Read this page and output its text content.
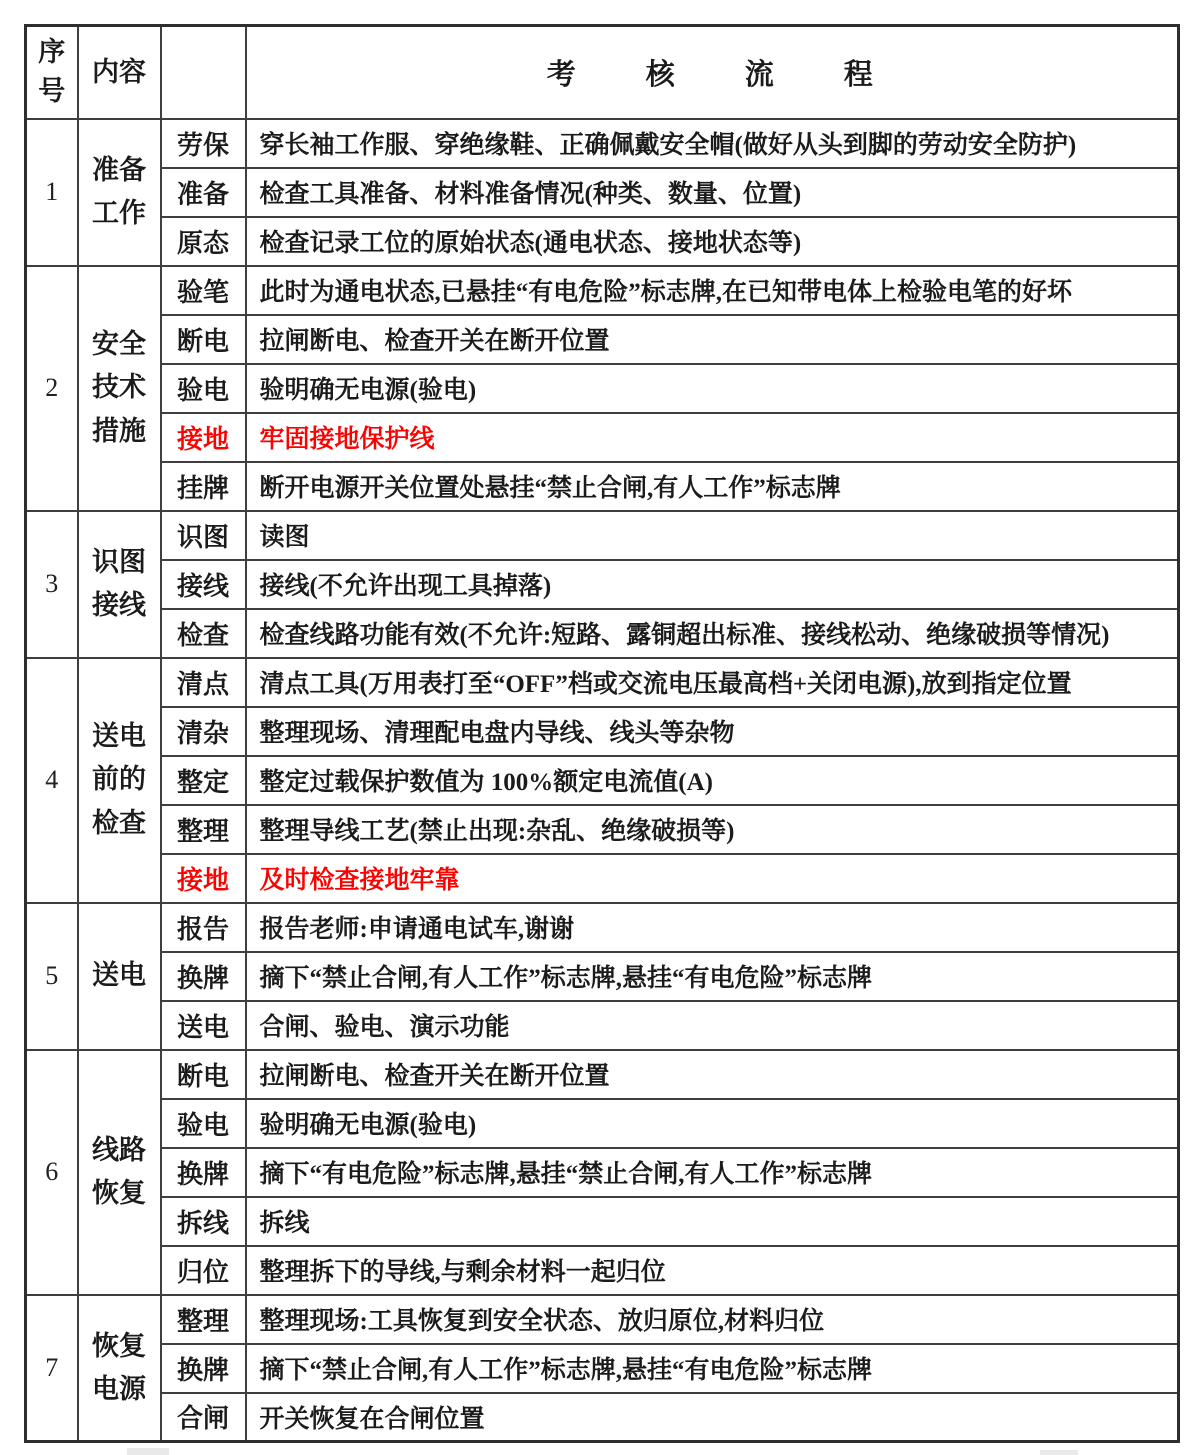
序号	内容		考　　核　　流　　程
1	准备工作	劳保	穿长袖工作服、穿绝缘鞋、正确佩戴安全帽(做好从头到脚的劳动安全防护)
		准备	检查工具准备、材料准备情况(种类、数量、位置)
		原态	检查记录工位的原始状态(通电状态、接地状态等)
2	安全技术措施	验笔	此时为通电状态,已悬挂“有电危险”标志牌,在已知带电体上检验电笔的好坏
		断电	拉闸断电、检查开关在断开位置
		验电	验明确无电源(验电)
		接地	牢固接地保护线
		挂牌	断开电源开关位置处悬挂“禁止合闸,有人工作”标志牌
3	识图接线	识图	读图
		接线	接线(不允许出现工具掉落)
		检查	检查线路功能有效(不允许:短路、露铜超出标准、接线松动、绝缘破损等情况)
4	送电前的检查	清点	清点工具(万用表打至“OFF”档或交流电压最高档+关闭电源),放到指定位置
		清杂	整理现场、清理配电盘内导线、线头等杂物
		整定	整定过载保护数值为 100%额定电流值(A)
		整理	整理导线工艺(禁止出现:杂乱、绝缘破损等)
		接地	及时检查接地牢靠
5	送电	报告	报告老师:申请通电试车,谢谢
		换牌	摘下“禁止合闸,有人工作”标志牌,悬挂“有电危险”标志牌
		送电	合闸、验电、演示功能
6	线路恢复	断电	拉闸断电、检查开关在断开位置
		验电	验明确无电源(验电)
		换牌	摘下“有电危险”标志牌,悬挂“禁止合闸,有人工作”标志牌
		拆线	拆线
		归位	整理拆下的导线,与剩余材料一起归位
7	恢复电源	整理	整理现场:工具恢复到安全状态、放归原位,材料归位
		换牌	摘下“禁止合闸,有人工作”标志牌,悬挂“有电危险”标志牌
		合闸	开关恢复在合闸位置
